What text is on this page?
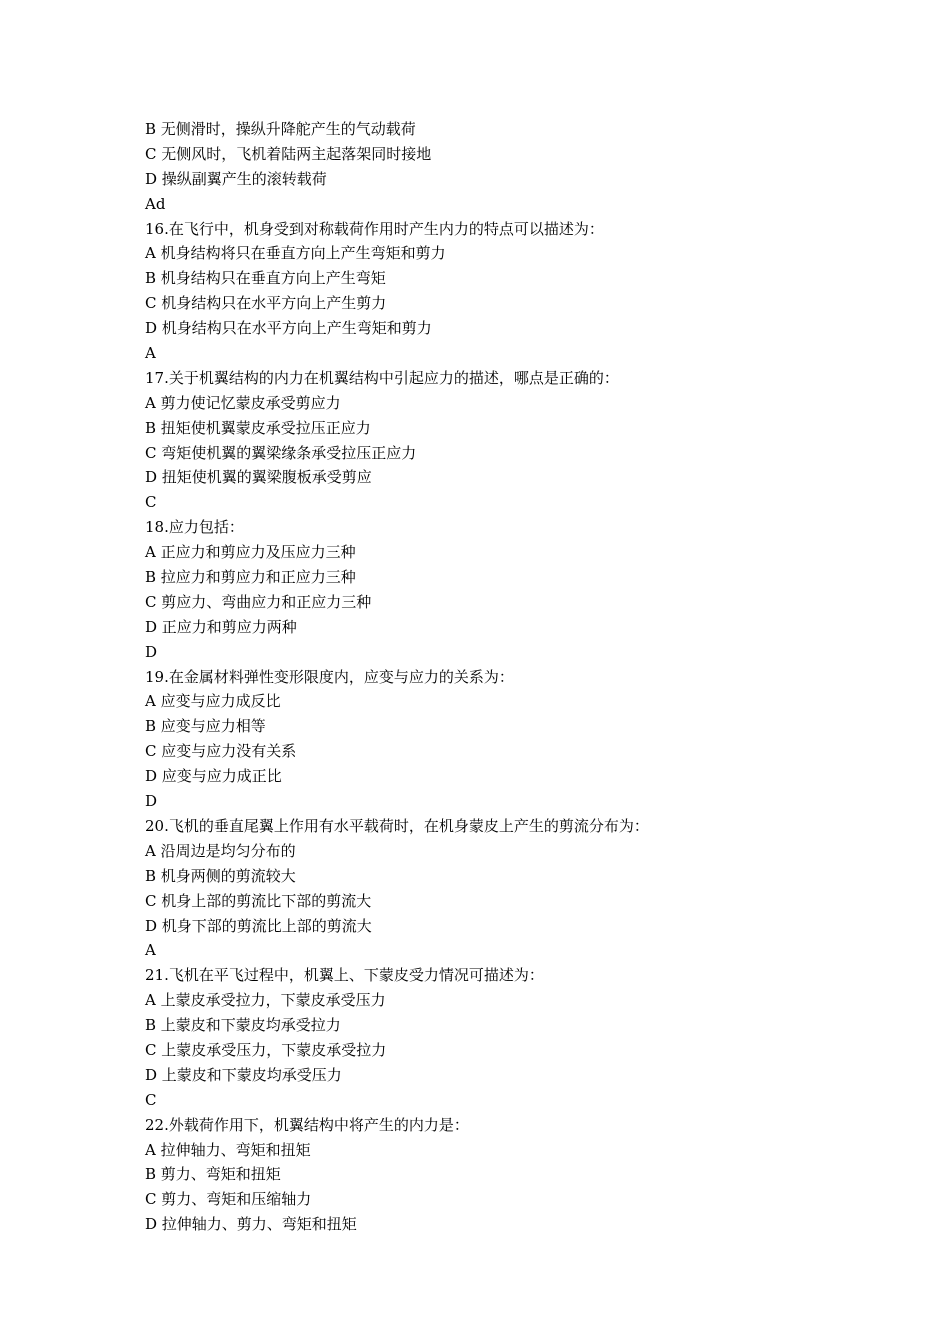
B 无侧滑时，操纵升降舵产生的气动载荷
C 无侧风时，飞机着陆两主起落架同时接地
D 操纵副翼产生的滚转载荷
Ad
16.在飞行中，机身受到对称载荷作用时产生内力的特点可以描述为：
A 机身结构将只在垂直方向上产生弯矩和剪力
B 机身结构只在垂直方向上产生弯矩
C 机身结构只在水平方向上产生剪力
D 机身结构只在水平方向上产生弯矩和剪力
A
17.关于机翼结构的内力在机翼结构中引起应力的描述，哪点是正确的：
A 剪力使记忆蒙皮承受剪应力
B 扭矩使机翼蒙皮承受拉压正应力
C 弯矩使机翼的翼梁缘条承受拉压正应力
D 扭矩使机翼的翼梁腹板承受剪应
C
18.应力包括：
A 正应力和剪应力及压应力三种
B 拉应力和剪应力和正应力三种
C 剪应力、弯曲应力和正应力三种
D 正应力和剪应力两种
D
19.在金属材料弹性变形限度内，应变与应力的关系为：
A 应变与应力成反比
B 应变与应力相等
C 应变与应力没有关系
D 应变与应力成正比
D
20.飞机的垂直尾翼上作用有水平载荷时，在机身蒙皮上产生的剪流分布为：
A 沿周边是均匀分布的
B 机身两侧的剪流较大
C 机身上部的剪流比下部的剪流大
D 机身下部的剪流比上部的剪流大
A
21.飞机在平飞过程中，机翼上、下蒙皮受力情况可描述为：
A 上蒙皮承受拉力，下蒙皮承受压力
B 上蒙皮和下蒙皮均承受拉力
C 上蒙皮承受压力，下蒙皮承受拉力
D 上蒙皮和下蒙皮均承受压力
C
22.外载荷作用下，机翼结构中将产生的内力是：
A 拉伸轴力、弯矩和扭矩
B 剪力、弯矩和扭矩
C 剪力、弯矩和压缩轴力
D 拉伸轴力、剪力、弯矩和扭矩
